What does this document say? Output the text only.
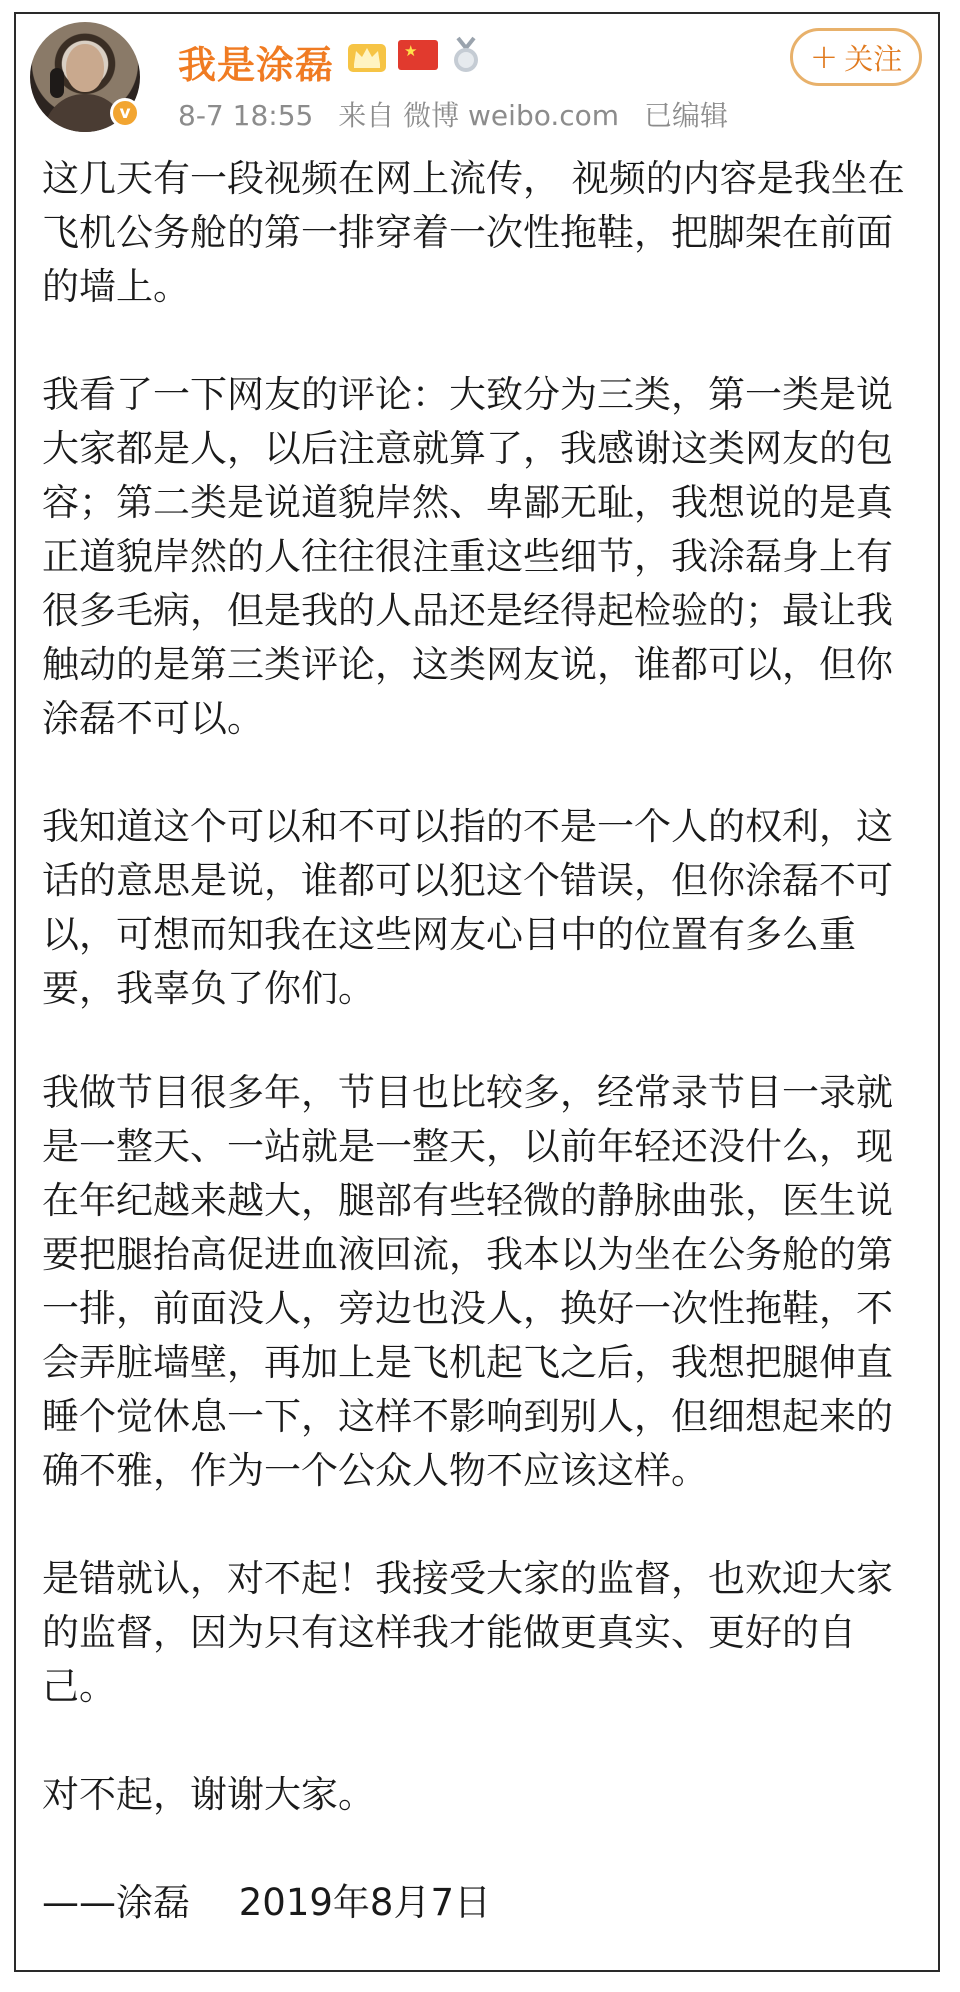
v
我是涂磊	★
8-7 18:55 来自 微博 weibo.com 已编辑
+ 关注

这几天有一段视频在网上流传， 视频的内容是我坐在飞机公务舱的第一排穿着一次性拖鞋，把脚架在前面的墙上。

我看了一下网友的评论：大致分为三类，第一类是说大家都是人，以后注意就算了，我感谢这类网友的包容；第二类是说道貌岸然、卑鄙无耻，我想说的是真正道貌岸然的人往往很注重这些细节，我涂磊身上有很多毛病，但是我的人品还是经得起检验的；最让我触动的是第三类评论，这类网友说，谁都可以，但你涂磊不可以。

我知道这个可以和不可以指的不是一个人的权利，这话的意思是说，谁都可以犯这个错误，但你涂磊不可以，可想而知我在这些网友心目中的位置有多么重要，我辜负了你们。

我做节目很多年，节目也比较多，经常录节目一录就是一整天、一站就是一整天，以前年轻还没什么，现在年纪越来越大，腿部有些轻微的静脉曲张，医生说要把腿抬高促进血液回流，我本以为坐在公务舱的第一排，前面没人，旁边也没人，换好一次性拖鞋，不会弄脏墙壁，再加上是飞机起飞之后，我想把腿伸直睡个觉休息一下，这样不影响到别人，但细想起来的确不雅，作为一个公众人物不应该这样。

是错就认，对不起！我接受大家的监督，也欢迎大家的监督，因为只有这样我才能做更真实、更好的自己。

对不起，谢谢大家。

——涂磊　 2019年8月7日
